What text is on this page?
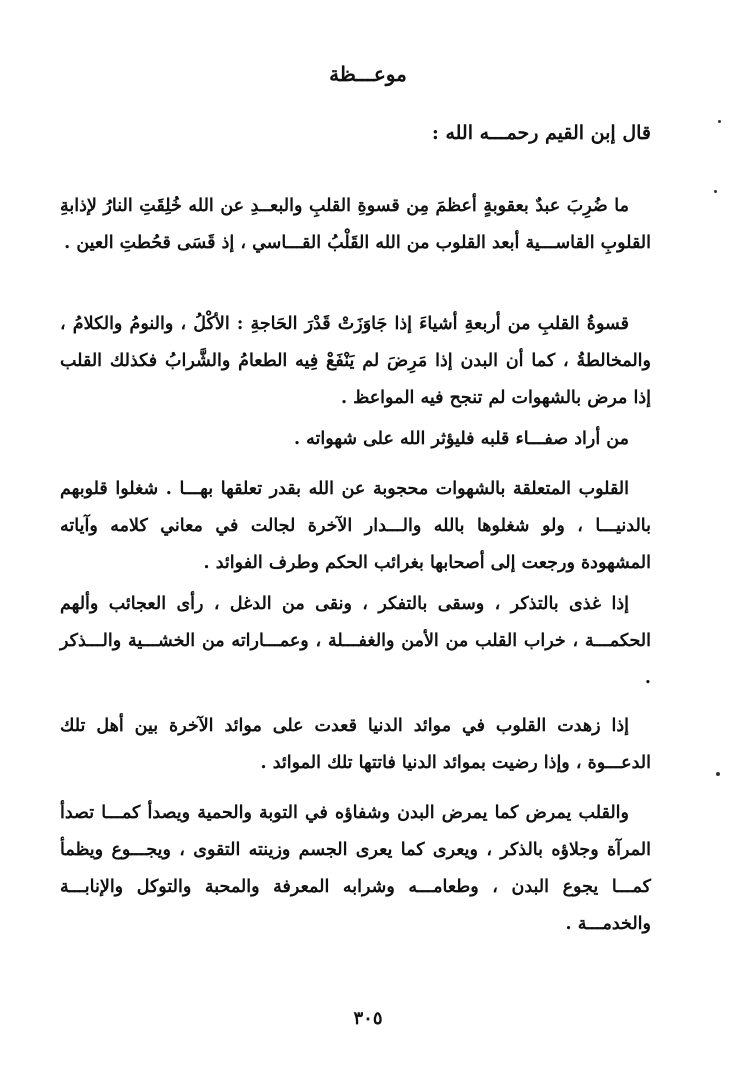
موعـــظة
قال إبن القيم رحمـــه الله :

ما ضُرِبَ عبدٌ بعقوبةٍ أعظمَ مِن قسوةِ القلبِ والبعــدِ عن الله خُلِقَتِ النارُ لإذابةِ القلوبِ القاســـية أبعد القلوب من الله القَلْبُ القـــاسي ، إذ قَسَى قحُطتِ العين .

قسوةُ القلبِ من أربعةِ أشياءَ إذا جَاوَزَتْ قَدْرَ الحَاجةِ : الأكْلُ ، والنومُ والكلامُ ، والمخالطةُ ، كما أن البدن إذا مَرِضَ لم يَنْفَعْ فِيه الطعامُ والشَّرابُ فكذلك القلب إذا مرض بالشهوات لم تنجح فيه المواعظ .

من أراد صفـــاء قلبه فليؤثر الله على شهواته .

القلوب المتعلقة بالشهوات محجوبة عن الله بقدر تعلقها بهـــا . شغلوا قلوبهم بالدنيـــا ، ولو شغلوها بالله والـــدار الآخرة لجالت في معاني كلامه وآياته المشهودة ورجعت إلى أصحابها بغرائب الحكم وطرف الفوائد .

إذا غذى بالتذكر ، وسقى بالتفكر ، ونقى من الدغل ، رأى العجائب وألهم الحكمـــة ، خراب القلب من الأمن والغفـــلة ، وعمـــاراته من الخشـــية والـــذكر .

إذا زهدت القلوب في موائد الدنيا قعدت على موائد الآخرة بين أهل تلك الدعـــوة ، وإذا رضيت بموائد الدنيا فاتتها تلك الموائد .

والقلب يمرض كما يمرض البدن وشفاؤه في التوبة والحمية ويصدأ كمـــا تصدأ المرآة وجلاؤه بالذكر ، ويعرى كما يعرى الجسم وزينته التقوى ، ويجـــوع ويظمأ كمـــا يجوع البدن ، وطعامـــه وشرابه المعرفة والمحبة والتوكل والإنابـــة والخدمـــة .

٣٠٥
